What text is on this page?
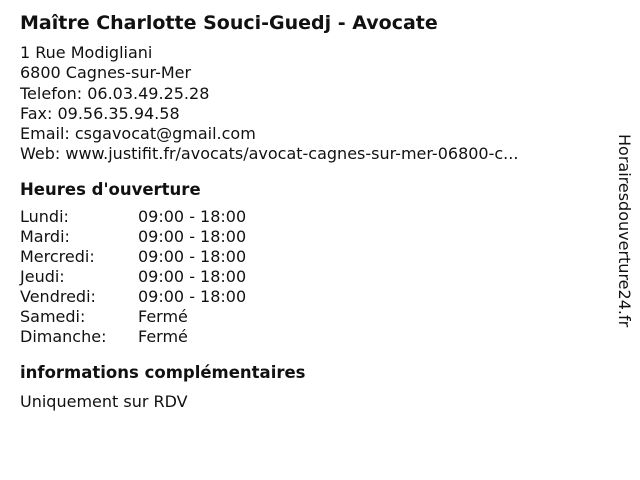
Maître Charlotte Souci-Guedj - Avocate
1 Rue Modigliani
6800 Cagnes-sur-Mer
Telefon: 06.03.49.25.28
Fax: 09.56.35.94.58
Email: csgavocat@gmail.com
Web: www.justifit.fr/avocats/avocat-cagnes-sur-mer-06800-c...
Heures d'ouverture
Lundi:	09:00 - 18:00
Mardi:	09:00 - 18:00
Mercredi:	09:00 - 18:00
Jeudi:	09:00 - 18:00
Vendredi:	09:00 - 18:00
Samedi:	Fermé
Dimanche:	Fermé
informations complémentaires
Uniquement sur RDV
Horairesdouverture24.fr
